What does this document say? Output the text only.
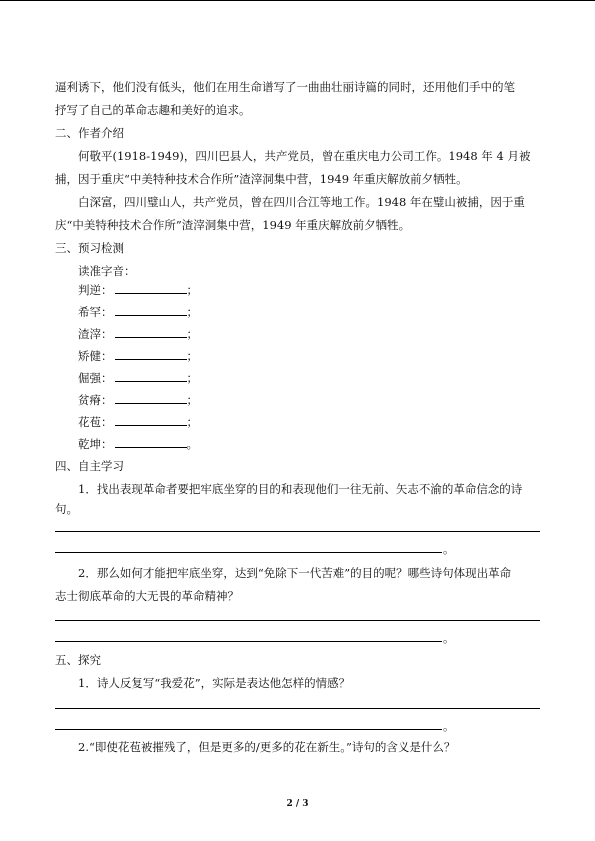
逼利诱下，他们没有低头，他们在用生命谱写了一曲曲壮丽诗篇的同时，还用他们手中的笔
抒写了自己的革命志趣和美好的追求。
二、作者介绍
何敬平(1918-1949)，四川巴县人，共产党员，曾在重庆电力公司工作。1948 年 4 月被
捕，因于重庆“中美特种技术合作所”渣滓洞集中营，1949 年重庆解放前夕牺牲。
白深富，四川璧山人，共产党员，曾在四川合江等地工作。1948 年在璧山被捕，因于重
庆“中美特种技术合作所”渣滓洞集中营，1949 年重庆解放前夕牺牲。
三、预习检测
读准字音：
判逆：	；
希罕：	；
渣滓：	；
矫健：	；
倔强：	；
贫瘠：	；
花苞：	；
乾坤：	。
四、自主学习
1．找出表现革命者要把牢底坐穿的目的和表现他们一往无前、矢志不渝的革命信念的诗
句。
。
2．那么如何才能把牢底坐穿，达到“免除下一代苦难”的目的呢？哪些诗句体现出革命
志士彻底革命的大无畏的革命精神？
。
五、探究
1．诗人反复写“我爱花”，实际是表达他怎样的情感？
。
2.“即使花苞被摧残了，但是更多的/更多的花在新生。”诗句的含义是什么？
2 / 3
